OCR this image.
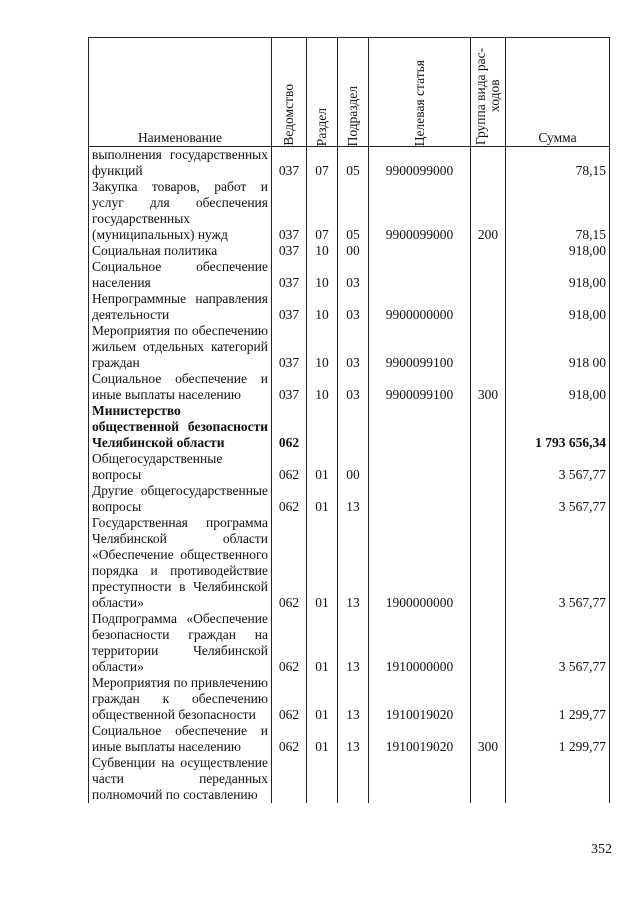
Наименование	Ведомство	Раздел	Подраздел	Целевая статья	Группа вида рас-ходов	Сумма
выполнения государственных функций	037	07	05	9900099000		78,15
Закупка товаров, работ и услуг для обеспечения государственных (муниципальных) нужд	037	07	05	9900099000	200	78,15
Социальная политика	037	10	00			918,00
Социальное обеспечение населения	037	10	03			918,00
Непрограммные направления деятельности	037	10	03	9900000000		918,00
Мероприятия по обеспечению жильем отдельных категорий граждан	037	10	03	9900099100		918 00
Социальное обеспечение и иные выплаты населению	037	10	03	9900099100	300	918,00
Министерство общественной безопасности Челябинской области	062					1 793 656,34
Общегосударственные вопросы	062	01	00			3 567,77
Другие общегосударственные вопросы	062	01	13			3 567,77
Государственная программа Челябинской области «Обеспечение общественного порядка и противодействие преступности в Челябинской области»	062	01	13	1900000000		3 567,77
Подпрограмма «Обеспечение безопасности граждан на территории Челябинской области»	062	01	13	1910000000		3 567,77
Мероприятия по привлечению граждан к обеспечению общественной безопасности	062	01	13	1910019020		1 299,77
Социальное обеспечение и иные выплаты населению	062	01	13	1910019020	300	1 299,77
Субвенции на осуществление части переданных полномочий по составлению						
352
